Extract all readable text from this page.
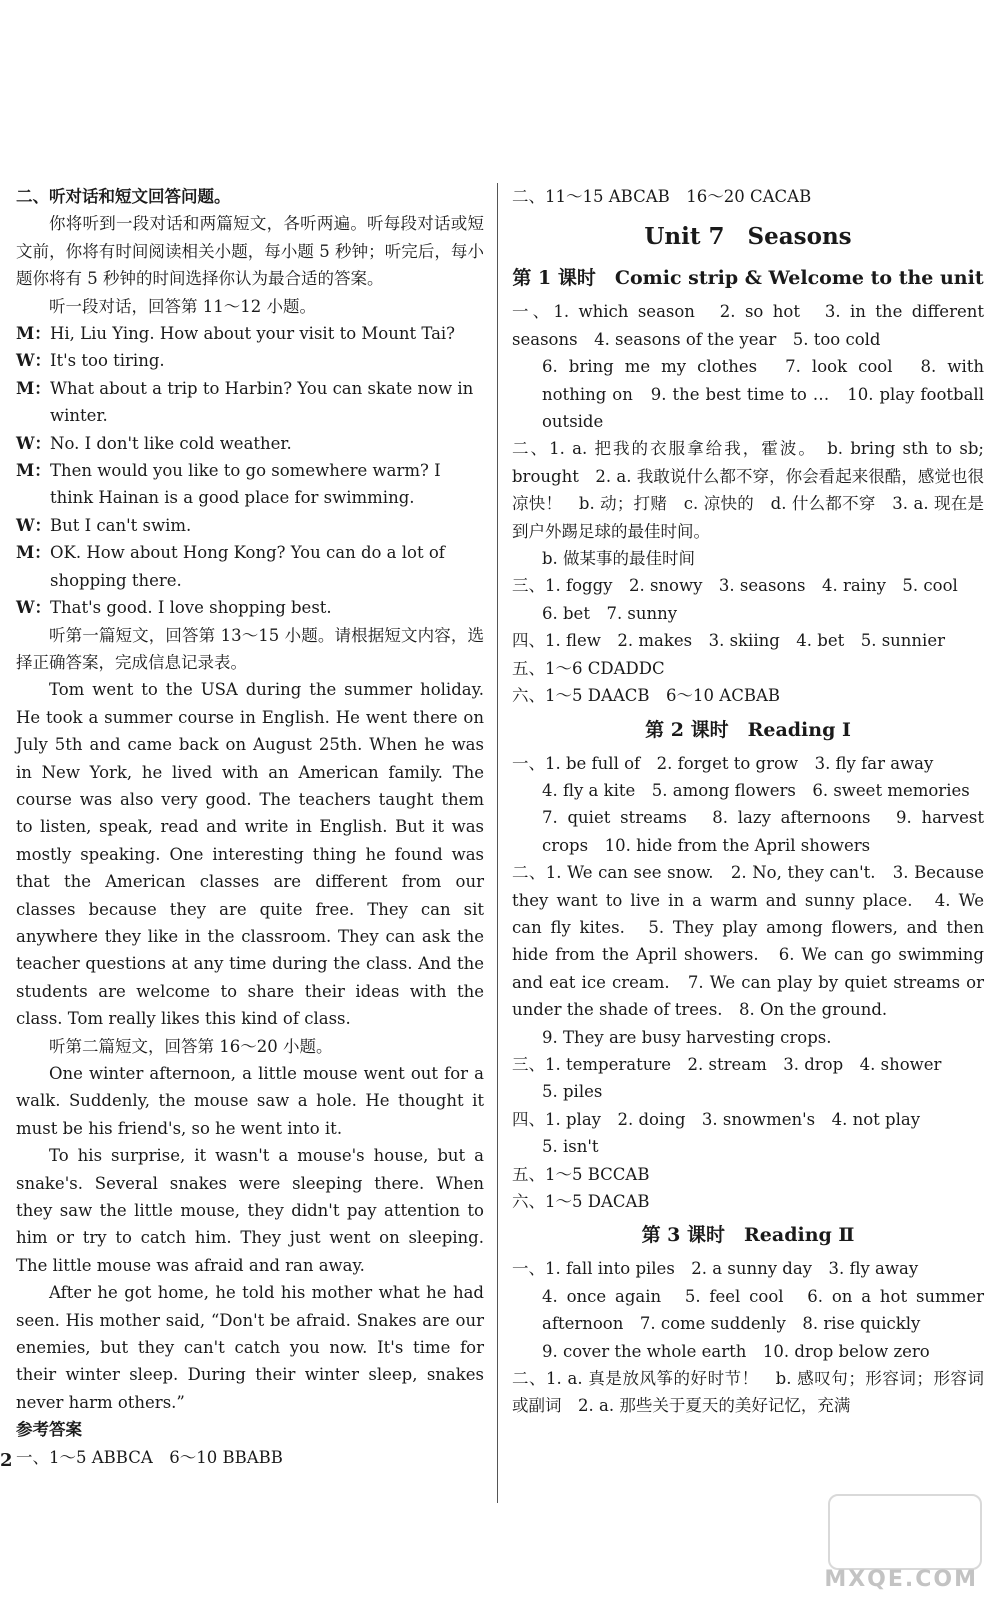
二、听对话和短文回答问题。

你将听到一段对话和两篇短文，各听两遍。听每段对话或短文前，你将有时间阅读相关小题，每小题 5 秒钟；听完后，每小题你将有 5 秒钟的时间选择你认为最合适的答案。

听一段对话，回答第 11～12 小题。

M：Hi, Liu Ying. How about your visit to Mount Tai?

W：It's too tiring.

M：What about a trip to Harbin? You can skate now in winter.

W：No. I don't like cold weather.

M：Then would you like to go somewhere warm? I think Hainan is a good place for swimming.

W：But I can't swim.

M：OK. How about Hong Kong? You can do a lot of shopping there.

W：That's good. I love shopping best.

听第一篇短文，回答第 13～15 小题。请根据短文内容，选择正确答案，完成信息记录表。

Tom went to the USA during the summer holiday. He took a summer course in English. He went there on July 5th and came back on August 25th. When he was in New York, he lived with an American family. The course was also very good. The teachers taught them to listen, speak, read and write in English. But it was mostly speaking. One interesting thing he found was that the American classes are different from our classes because they are quite free. They can sit anywhere they like in the classroom. They can ask the teacher questions at any time during the class. And the students are welcome to share their ideas with the class. Tom really likes this kind of class.

听第二篇短文，回答第 16～20 小题。

One winter afternoon, a little mouse went out for a walk. Suddenly, the mouse saw a hole. He thought it must be his friend's, so he went into it.

To his surprise, it wasn't a mouse's house, but a snake's. Several snakes were sleeping there. When they saw the little mouse, they didn't pay attention to him or try to catch him. They just went on sleeping. The little mouse was afraid and ran away.

After he got home, he told his mother what he had seen. His mother said, “Don't be afraid. Snakes are our enemies, but they can't catch you now. It's time for their winter sleep. During their winter sleep, snakes never harm others.”

参考答案

一、1～5 ABBCA　6～10 BBABB

二、11～15 ABCAB　16～20 CACAB

Unit 7　Seasons
第 1 课时　Comic strip & Welcome to the unit

一、1. which season　2. so hot　3. in the different seasons　4. seasons of the year　5. too cold

6. bring me my clothes　7. look cool　8. with nothing on　9. the best time to …　10. play football outside

二、1. a. 把我的衣服拿给我，霍波。　b. bring sth to sb; brought　2. a. 我敢说什么都不穿，你会看起来很酷，感觉也很凉快！　b. 动；打赌　c. 凉快的　d. 什么都不穿　3. a. 现在是到户外踢足球的最佳时间。

b. 做某事的最佳时间

三、1. foggy　2. snowy　3. seasons　4. rainy　5. cool

6. bet　7. sunny

四、1. flew　2. makes　3. skiing　4. bet　5. sunnier

五、1～6 CDADDC

六、1～5 DAACB　6～10 ACBAB

第 2 课时　Reading Ⅰ

一、1. be full of　2. forget to grow　3. fly far away

4. fly a kite　5. among flowers　6. sweet memories

7. quiet streams　8. lazy afternoons　9. harvest crops　10. hide from the April showers

二、1. We can see snow.　2. No, they can't.　3. Because they want to live in a warm and sunny place.　4. We can fly kites.　5. They play among flowers, and then hide from the April showers.　6. We can go swimming and eat ice cream.　7. We can play by quiet streams or under the shade of trees.　8. On the ground.

9. They are busy harvesting crops.

三、1. temperature　2. stream　3. drop　4. shower

5. piles

四、1. play　2. doing　3. snowmen's　4. not play

5. isn't

五、1～5 BCCAB

六、1～5 DACAB

第 3 课时　Reading Ⅱ

一、1. fall into piles　2. a sunny day　3. fly away

4. once again　5. feel cool　6. on a hot summer afternoon　7. come suddenly　8. rise quickly

9. cover the whole earth　10. drop below zero

二、1. a. 真是放风筝的好时节！　b. 感叹句；形容词；形容词或副词　2. a. 那些关于夏天的美好记忆，充满

2
MXQE.COM
